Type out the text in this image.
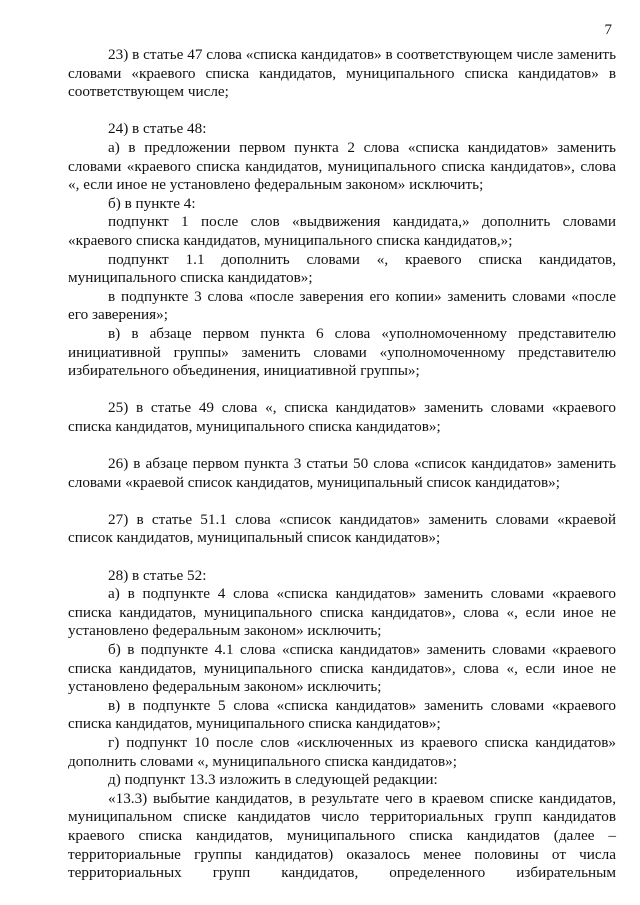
7

23) в статье 47 слова «списка кандидатов» в соответствующем числе заменить словами «краевого списка кандидатов, муниципального списка кандидатов» в соответствующем числе;

24) в статье 48:

а) в предложении первом пункта 2 слова «списка кандидатов» заменить словами «краевого списка кандидатов, муниципального списка кандидатов», слова «, если иное не установлено федеральным законом» исключить;

б) в пункте 4:

подпункт 1 после слов «выдвижения кандидата,» дополнить словами «краевого списка кандидатов, муниципального списка кандидатов,»;

подпункт 1.1 дополнить словами «, краевого списка кандидатов, муниципального списка кандидатов»;

в подпункте 3 слова «после заверения его копии» заменить словами «после его заверения»;

в) в абзаце первом пункта 6 слова «уполномоченному представителю инициативной группы» заменить словами «уполномоченному представителю избирательного объединения, инициативной группы»;

25) в статье 49 слова «, списка кандидатов» заменить словами «краевого списка кандидатов, муниципального списка кандидатов»;

26) в абзаце первом пункта 3 статьи 50 слова «список кандидатов» заменить словами «краевой список кандидатов, муниципальный список кандидатов»;

27) в статье 51.1 слова «список кандидатов» заменить словами «краевой список кандидатов, муниципальный список кандидатов»;

28) в статье 52:

а) в подпункте 4 слова «списка кандидатов» заменить словами «краевого списка кандидатов, муниципального списка кандидатов», слова «, если иное не установлено федеральным законом» исключить;

б) в подпункте 4.1 слова «списка кандидатов» заменить словами «краевого списка кандидатов, муниципального списка кандидатов», слова «, если иное не установлено федеральным законом» исключить;

в) в подпункте 5 слова «списка кандидатов» заменить словами «краевого списка кандидатов, муниципального списка кандидатов»;

г) подпункт 10 после слов «исключенных из краевого списка кандидатов» дополнить словами «, муниципального списка кандидатов»;

д) подпункт 13.3 изложить в следующей редакции:

«13.3) выбытие кандидатов, в результате чего в краевом списке кандидатов, муниципальном списке кандидатов число территориальных групп кандидатов краевого списка кандидатов, муниципального списка кандидатов (далее – территориальные группы кандидатов) оказалось менее половины от числа территориальных групп кандидатов, определенного избирательным
